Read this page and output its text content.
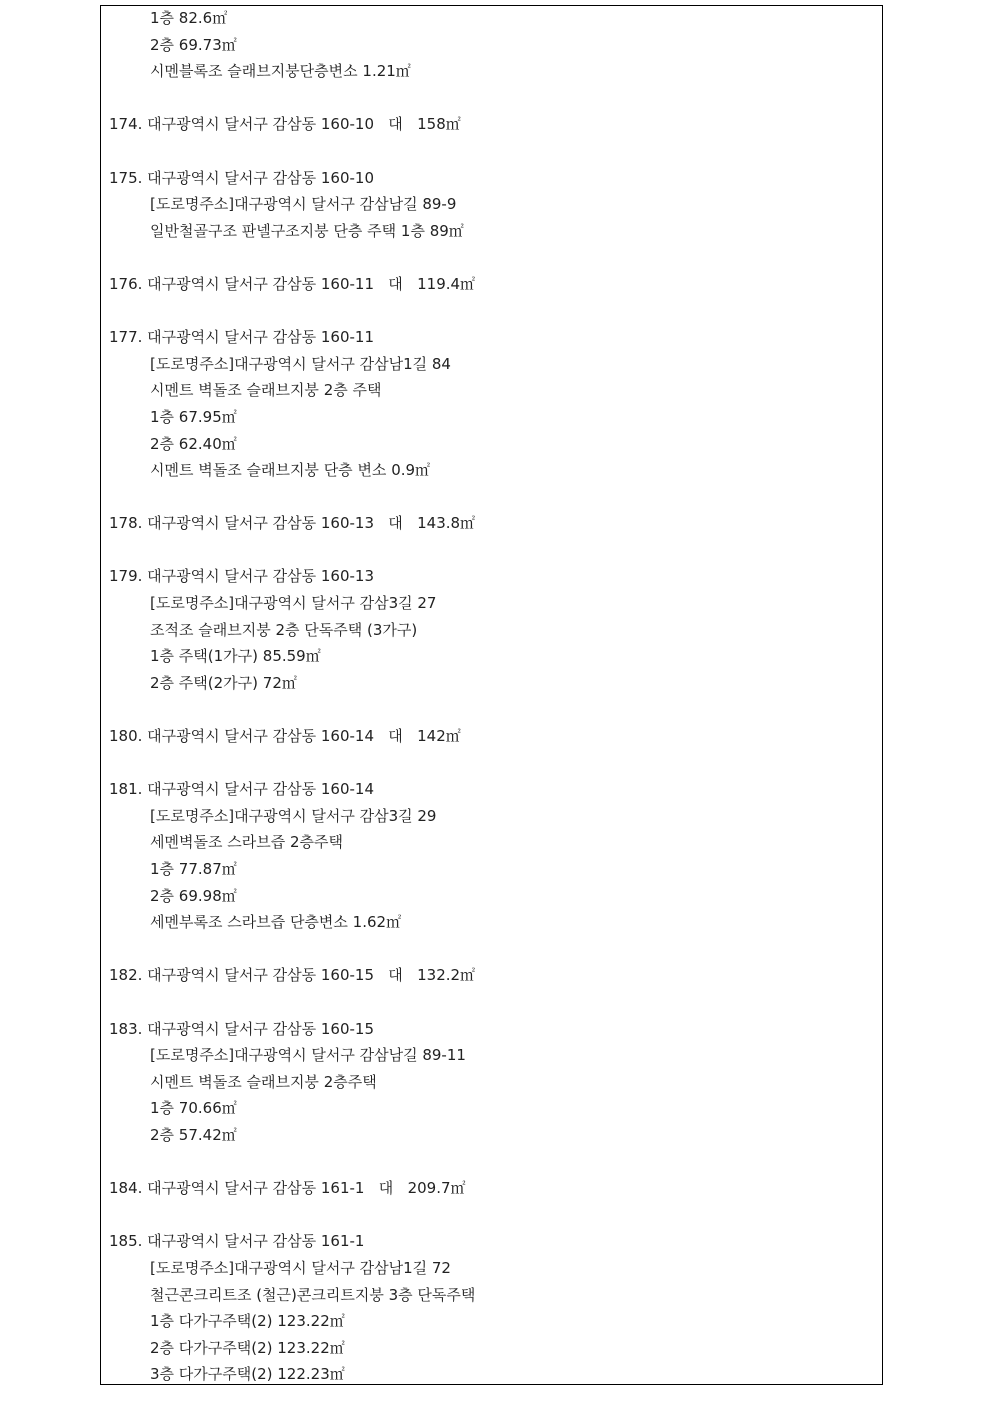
1층 82.6㎡
2층 69.73㎡
시멘블록조 슬래브지붕단층변소 1.21㎡
174. 대구광역시 달서구 감삼동 160-10   대   158㎡
175. 대구광역시 달서구 감삼동 160-10
[도로명주소]대구광역시 달서구 감삼남길 89-9
일반철골구조 판넬구조지붕 단층 주택 1층 89㎡
176. 대구광역시 달서구 감삼동 160-11   대   119.4㎡
177. 대구광역시 달서구 감삼동 160-11
[도로명주소]대구광역시 달서구 감삼남1길 84
시멘트 벽돌조 슬래브지붕 2층 주택
1층 67.95㎡
2층 62.40㎡
시멘트 벽돌조 슬래브지붕 단층 변소 0.9㎡
178. 대구광역시 달서구 감삼동 160-13   대   143.8㎡
179. 대구광역시 달서구 감삼동 160-13
[도로명주소]대구광역시 달서구 감삼3길 27
조적조 슬래브지붕 2층 단독주택 (3가구)
1층 주택(1가구) 85.59㎡
2층 주택(2가구) 72㎡
180. 대구광역시 달서구 감삼동 160-14   대   142㎡
181. 대구광역시 달서구 감삼동 160-14
[도로명주소]대구광역시 달서구 감삼3길 29
세멘벽돌조 스라브즙 2층주택
1층 77.87㎡
2층 69.98㎡
세멘부록조 스라브즙 단층변소 1.62㎡
182. 대구광역시 달서구 감삼동 160-15   대   132.2㎡
183. 대구광역시 달서구 감삼동 160-15
[도로명주소]대구광역시 달서구 감삼남길 89-11
시멘트 벽돌조 슬래브지붕 2층주택
1층 70.66㎡
2층 57.42㎡
184. 대구광역시 달서구 감삼동 161-1   대   209.7㎡
185. 대구광역시 달서구 감삼동 161-1
[도로명주소]대구광역시 달서구 감삼남1길 72
철근콘크리트조 (철근)콘크리트지붕 3층 단독주택
1층 다가구주택(2) 123.22㎡
2층 다가구주택(2) 123.22㎡
3층 다가구주택(2) 122.23㎡
